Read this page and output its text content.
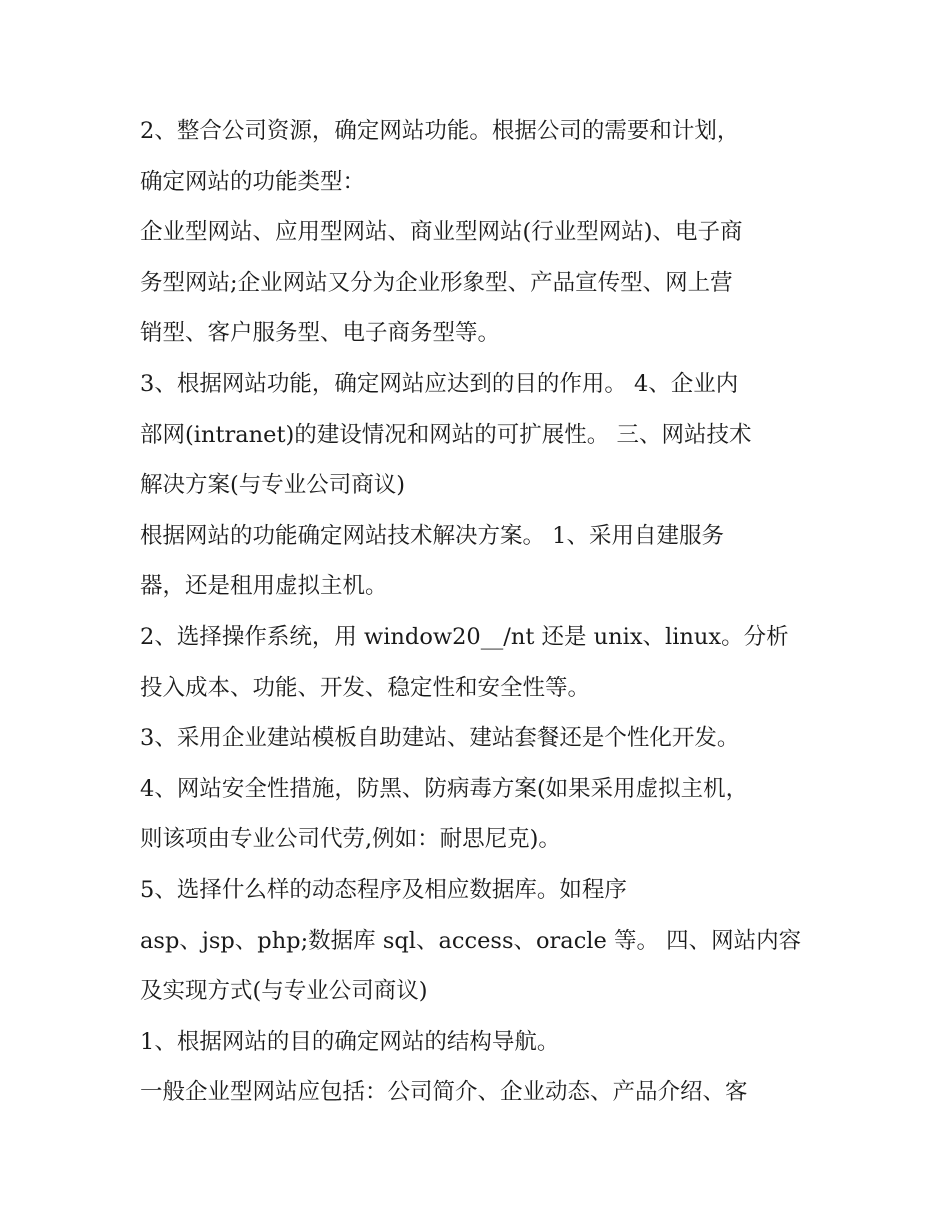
2、整合公司资源，确定网站功能。根据公司的需要和计划，
确定网站的功能类型：
企业型网站、应用型网站、商业型网站(行业型网站)、电子商
务型网站;企业网站又分为企业形象型、产品宣传型、网上营
销型、客户服务型、电子商务型等。
3、根据网站功能，确定网站应达到的目的作用。 4、企业内
部网(intranet)的建设情况和网站的可扩展性。 三、网站技术
解决方案(与专业公司商议)
根据网站的功能确定网站技术解决方案。 1、采用自建服务
器，还是租用虚拟主机。
2、选择操作系统，用 window20__/nt 还是 unix、linux。分析
投入成本、功能、开发、稳定性和安全性等。
3、采用企业建站模板自助建站、建站套餐还是个性化开发。
4、网站安全性措施，防黑、防病毒方案(如果采用虚拟主机，
则该项由专业公司代劳,例如：耐思尼克)。
5、选择什么样的动态程序及相应数据库。如程序
asp、jsp、php;数据库 sql、access、oracle 等。 四、网站内容
及实现方式(与专业公司商议)
1、根据网站的目的确定网站的结构导航。
一般企业型网站应包括：公司简介、企业动态、产品介绍、客
